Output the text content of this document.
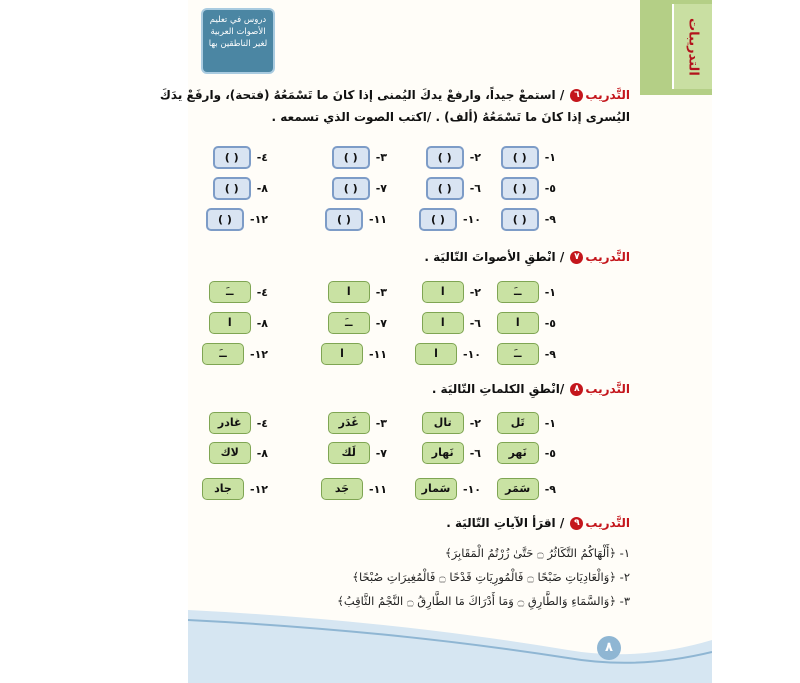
التدريبات
دروس في تعليم الأصوات العربية لغير الناطقين بها
التَّدريب٦ / استمعْ جيداً، وارفعْ يدكَ اليُمنى إذا كانَ ما تَسْمَعُهُ (فتحة)، وارفَعْ يدَكَ
اليُسرى إذا كانَ ما تَسْمَعُهُ (ألف) . /اكتب الصوت الذي تسمعه .
١-
( )
٢-
( )
٣-
( )
٤-
( )
٥-
( )
٦-
( )
٧-
( )
٨-
( )
٩-
( )
١٠-
( )
١١-
( )
١٢-
( )
التَّدريب٧ / انْطقِ الأصواتَ التّاليَة .
١-
ــَ
٢-
ا
٣-
ا
٤-
ــَ
٥-
ا
٦-
ا
٧-
ــَ
٨-
ا
٩-
ــَ
١٠-
ا
١١-
ا
١٢-
ــَ
التَّدريب٨ /انْطقِ الكلماتِ التّاليَة .
١-
تَل
٢-
تال
٣-
غَدَر
٤-
غادر
٥-
نَهر
٦-
نَهار
٧-
لَك
٨-
لاك
٩-
سَمَر
١٠-
سَمار
١١-
جَد
١٢-
جاد
التَّدريب٩ / اقرَأ الآياتِ التّاليَة .
١- ﴿أَلْهَاكُمُ التَّكَاثُرُ ۝ حَتَّىٰ زُرْتُمُ الْمَقَابِرَ﴾
٢- ﴿وَالْعَادِيَاتِ ضَبْحًا ۝ فَالْمُورِيَاتِ قَدْحًا ۝ فَالْمُغِيرَاتِ صُبْحًا﴾
٣- ﴿وَالسَّمَاءِ وَالطَّارِقِ ۝ وَمَا أَدْرَاكَ مَا الطَّارِقُ ۝ النَّجْمُ الثَّاقِبُ﴾
٨
